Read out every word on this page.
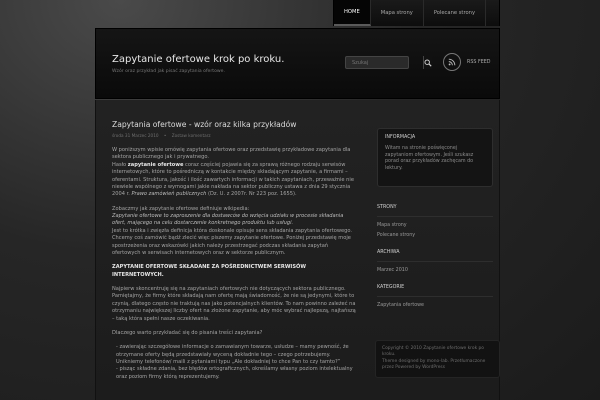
HOME	Mapa strony	Polecane strony
Zapytanie ofertowe krok po kroku.
Wzór oraz przykład jak pisać zapytania ofertowe.
Szukaj
RSS FEED
Zapytania ofertowe - wzór oraz kilka przykładów
środa 31 Marzec 2010 • Zostaw komentarz
W poniższym wpisie omówię zapytania ofertowe oraz przedstawię przykładowe zapytania dla sektora publicznego jak i prywatnego.
Hasło zapytanie ofertowe coraz częściej pojawia się za sprawą różnego rodzaju serwisów internetowych, które to pośredniczą w kontakcie między składającym zapytanie, a firmami – oferentami. Struktura, jakość i ilość zawartych informacji w takich zapytaniach, przeważnie nie niewiele wspólnego z wymogami jakie nakłada na sektor publiczny ustawa z dnia 29 stycznia 2004 r. Prawo zamówień publicznych (Dz. U. z 2007r. Nr 223 poz. 1655).
Zobaczmy jak zapytanie ofertowe definiuje wikipedia:
Zapytanie ofertowe to zaproszenie dla dostawców do wzięcia udziału w procesie składania ofert, mającego na celu dostarczenie konkretnego produktu lub usługi.
Jest to krótka i zwięzła definicja która doskonale opisuje sens składania zapytania ofertowego. Chcemy coś zamówić bądź zlecić więc piszemy zapytanie ofertowe. Poniżej przedstawię moje spostrzeżenia oraz wskazówki jakich należy przestrzegać podczas składania zapytań ofertowych w serwisach internetowych oraz w sektorze publicznym.
ZAPYTANIE OFERTOWE SKŁADANE ZA POŚREDNICTWEM SERWISÓW INTERNETOWYCH.
Najpierw skoncentruję się na zapytaniach ofertowych nie dotyczących sektora publicznego.
Pamiętajmy, że firmy które składają nam ofertę mają świadomość, że nie są jedynymi, które to czynią, dlatego często nie traktują nas jako potencjalnych klientów. To nam powinno zależeć na otrzymaniu największej liczby ofert na złożone zapytanie, aby móc wybrać najlepszą, najtańszą – taką która spełni nasze oczekiwania.
Dlaczego warto przykładać się do pisania treści zapytania?
- zawierając szczegółowe informacje o zamawianym towarze, usłudze – mamy pewność, że otrzymane oferty będą przedstawiały wyceną dokładnie tego – czego potrzebujemy. Unikniemy telefonów/ maili z pytaniami typu „Ale dokładniej to chce Pan to czy tamto?”
- pisząc składne zdania, bez błędów ortograficznych, określamy własny poziom intelektualny oraz poziom firmy którą reprezentujemy.
INFORMACJA
Witam na stronie poświęconej zapytaniom ofertowym. Jeśli szukasz porad oraz przykładów zachęcam do lektury.
STRONY
Mapa strony
Polecane strony
ARCHIWA
Marzec 2010
KATEGORIE
Zapytania ofertowe
Copyright © 2010 Zapytanie ofertowe krok po kroku.
Theme designed by mono-lab. Przetłumaczone przez Powered by WordPress
